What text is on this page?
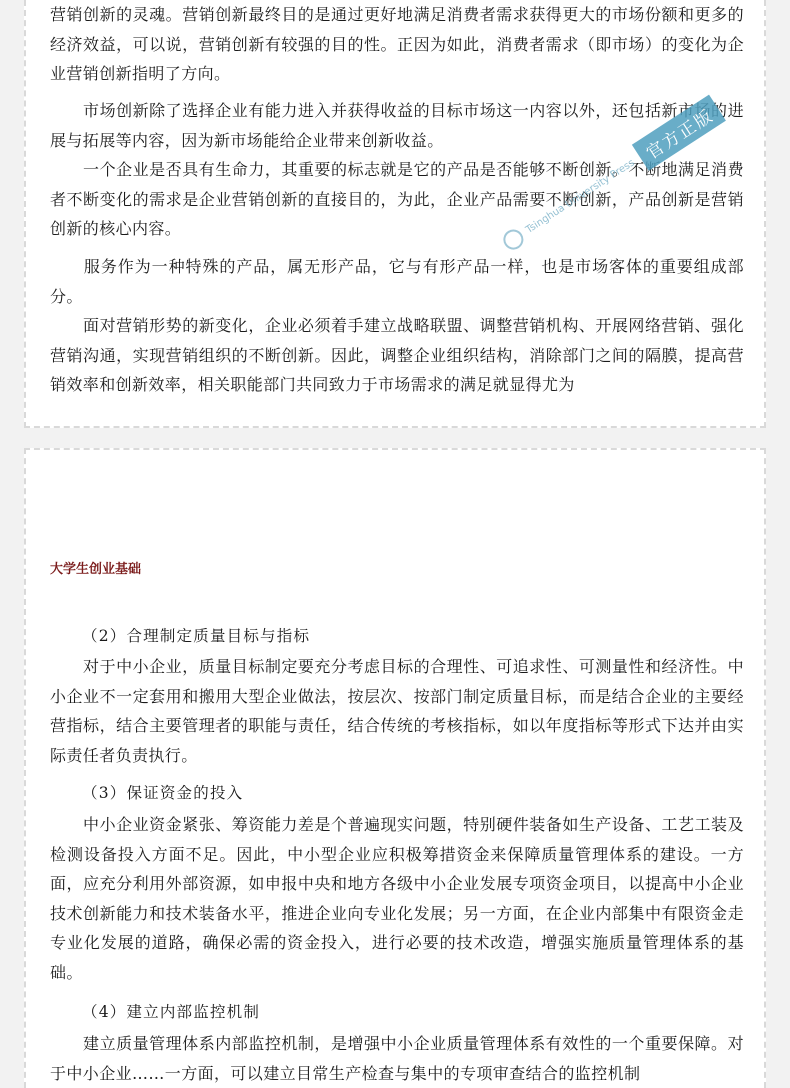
营销创新的灵魂。营销创新最终目的是通过更好地满足消费者需求获得更大的市场份额和更多的经济效益，可以说，营销创新有较强的目的性。正因为如此，消费者需求（即市场）的变化为企业营销创新指明了方向。

　　市场创新除了选择企业有能力进入并获得收益的目标市场这一内容以外，还包括新市场的进展与拓展等内容，因为新市场能给企业带来创新收益。

　　一个企业是否具有生命力，其重要的标志就是它的产品是否能够不断创新。不断地满足消费者不断变化的需求是企业营销创新的直接目的，为此，企业产品需要不断创新，产品创新是营销创新的核心内容。

　　服务作为一种特殊的产品，属无形产品，它与有形产品一样，也是市场客体的重要组成部分。

　　面对营销形势的新变化，企业必须着手建立战略联盟、调整营销机构、开展网络营销、强化营销沟通，实现营销组织的不断创新。因此，调整企业组织结构，消除部门之间的隔膜，提高营销效率和创新效率，相关职能部门共同致力于市场需求的满足就显得尤为

Tsinghua University Press
官方正版

大学生创业基础

（2）合理制定质量目标与指标

　　对于中小企业，质量目标制定要充分考虑目标的合理性、可追求性、可测量性和经济性。中小企业不一定套用和搬用大型企业做法，按层次、按部门制定质量目标，而是结合企业的主要经营指标，结合主要管理者的职能与责任，结合传统的考核指标，如以年度指标等形式下达并由实际责任者负责执行。

（3）保证资金的投入

　　中小企业资金紧张、筹资能力差是个普遍现实问题，特别硬件装备如生产设备、工艺工装及检测设备投入方面不足。因此，中小型企业应积极筹措资金来保障质量管理体系的建设。一方面，应充分利用外部资源，如申报中央和地方各级中小企业发展专项资金项目，以提高中小企业技术创新能力和技术装备水平，推进企业向专业化发展；另一方面，在企业内部集中有限资金走专业化发展的道路，确保必需的资金投入，进行必要的技术改造，增强实施质量管理体系的基础。

（4）建立内部监控机制

　　建立质量管理体系内部监控机制，是增强中小企业质量管理体系有效性的一个重要保障。对于中小企业……一方面，可以建立目常生产检查与集中的专项审查结合的监控机制
